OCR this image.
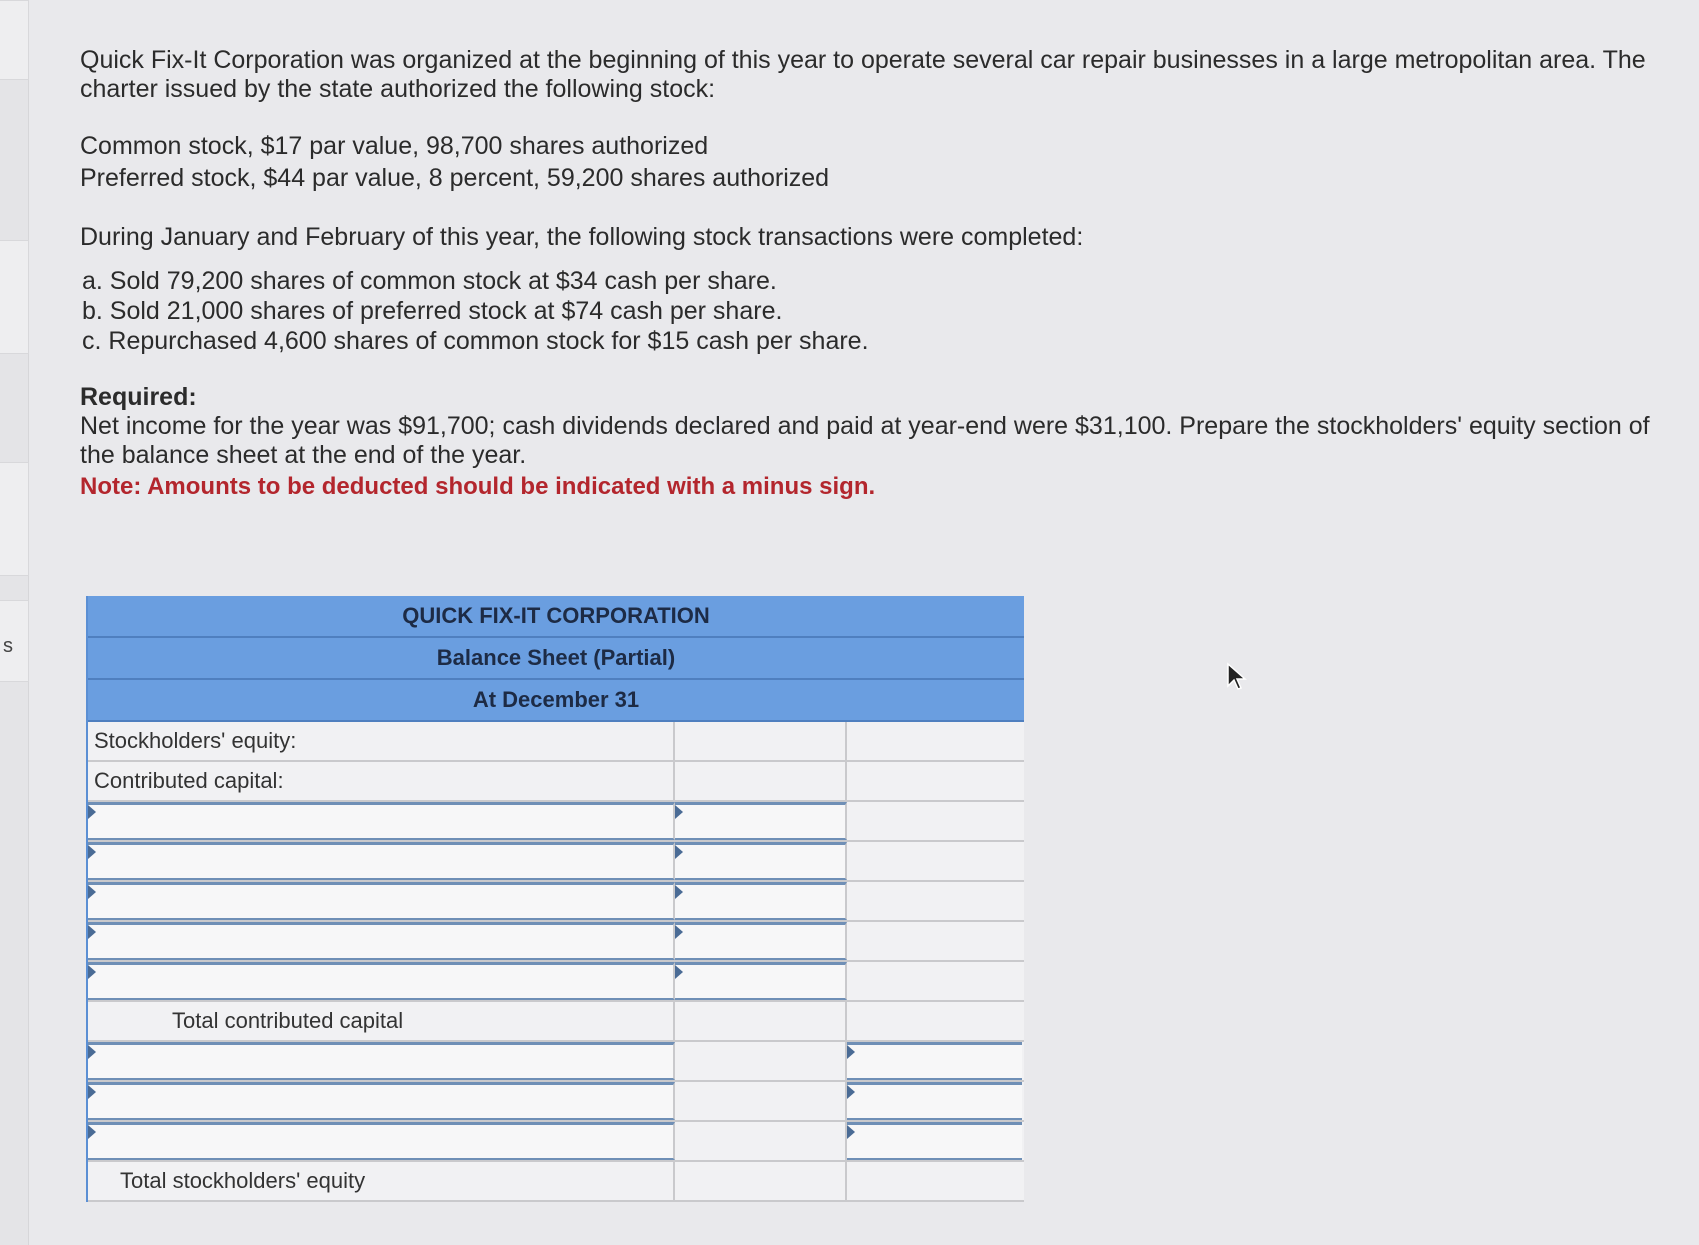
s

Quick Fix-It Corporation was organized at the beginning of this year to operate several car repair businesses in a large metropolitan area. The charter issued by the state authorized the following stock:

Common stock, $17 par value, 98,700 shares authorized

Preferred stock, $44 par value, 8 percent, 59,200 shares authorized

During January and February of this year, the following stock transactions were completed:

a. Sold 79,200 shares of common stock at $34 cash per share.

b. Sold 21,000 shares of preferred stock at $74 cash per share.

c. Repurchased 4,600 shares of common stock for $15 cash per share.

Required:

Net income for the year was $91,700; cash dividends declared and paid at year-end were $31,100. Prepare the stockholders' equity section of the balance sheet at the end of the year.

Note: Amounts to be deducted should be indicated with a minus sign.

QUICK FIX-IT CORPORATION
Balance Sheet (Partial)
At December 31
Stockholders' equity:
Contributed capital:
Total contributed capital
Total stockholders' equity
